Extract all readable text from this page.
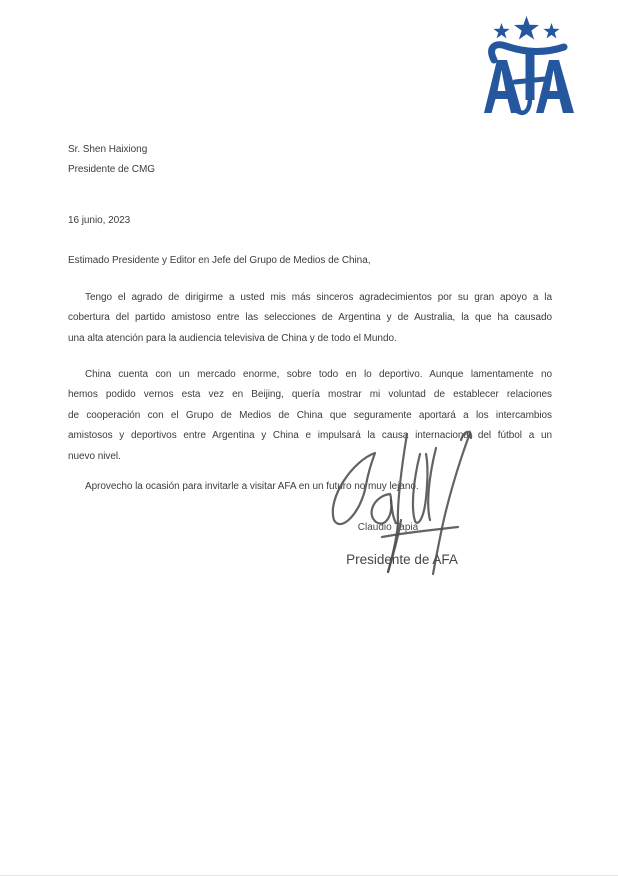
Sr. Shen Haixiong
Presidente de CMG
16 junio, 2023
Estimado Presidente y Editor en Jefe del Grupo de Medios de China,
Tengo el agrado de dirigirme a usted mis más sinceros agradecimientos por su gran apoyo a la
cobertura del partido amistoso entre las selecciones de Argentina y de Australia, la que ha causado
una alta atención para la audiencia televisiva de China y de todo el Mundo.
China cuenta con un mercado enorme, sobre todo en lo deportivo. Aunque lamentamente no
hemos podido vernos esta vez en Beijing, quería mostrar mi voluntad de establecer relaciones
de cooperación con el Grupo de Medios de China que seguramente aportará a los intercambios
amistosos y deportivos entre Argentina y China e impulsará la causa internacional del fútbol a un
nuevo nivel.
Aprovecho la ocasión para invitarle a visitar AFA en un futuro no muy lejano.
Claudio Tapia
Presidente de AFA
